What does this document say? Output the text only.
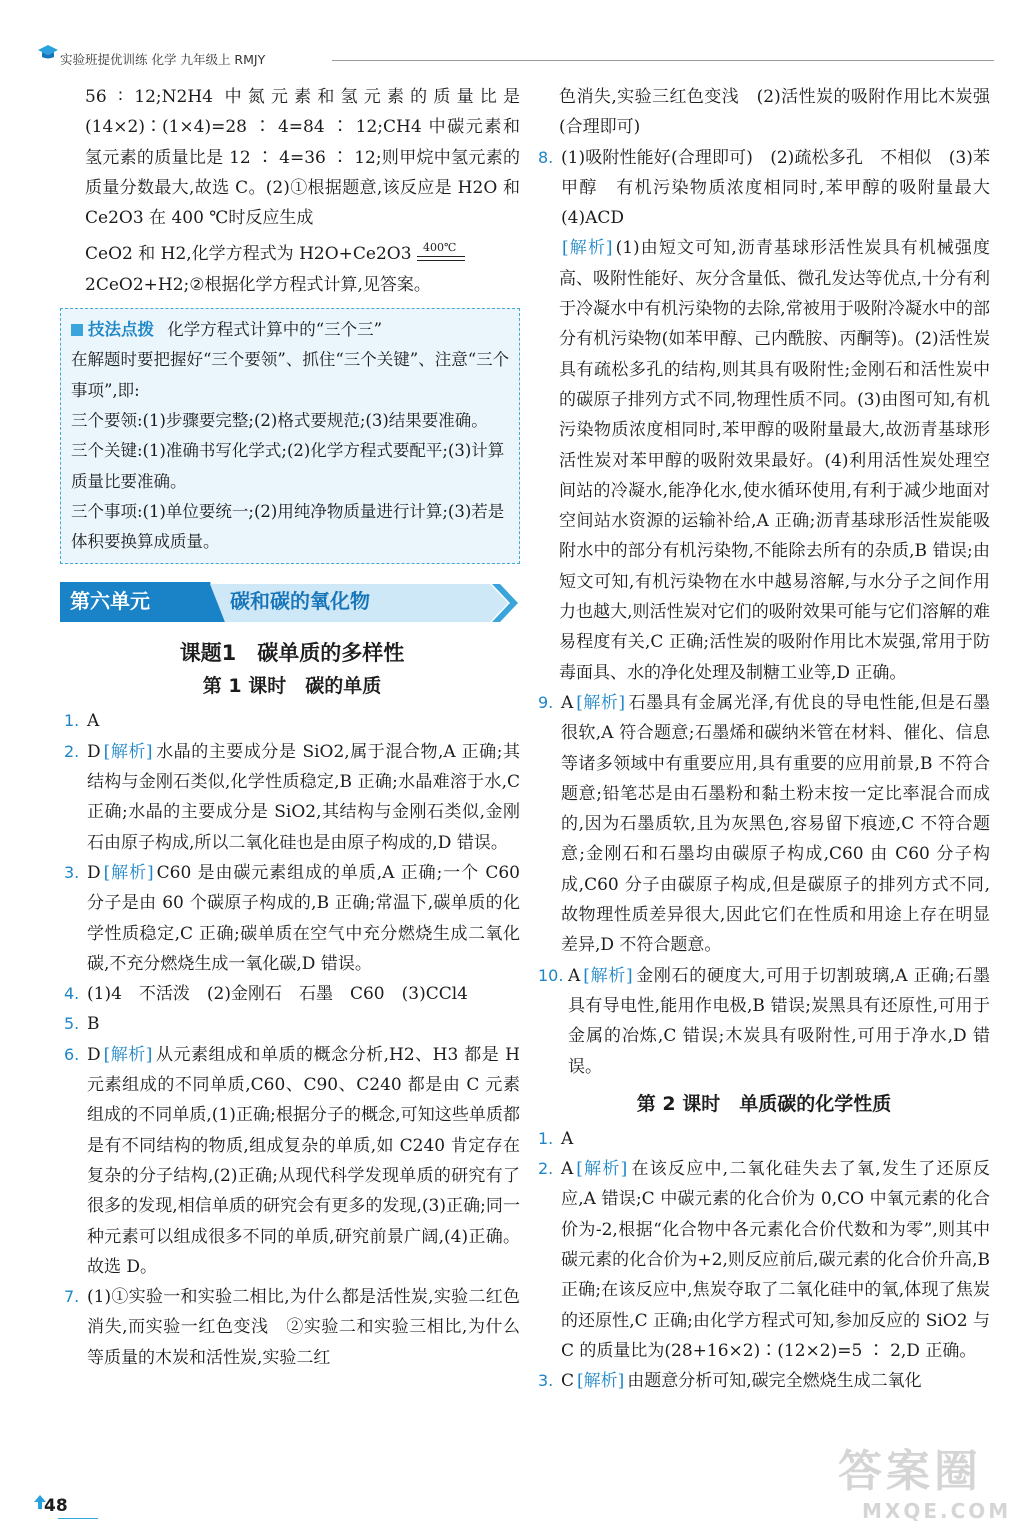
实验班提优训练 化学 九年级上 RMJY

56 ∶ 12;N2H4 中氮元素和氢元素的质量比是(14×2)∶(1×4)=28 ∶ 4=84 ∶ 12;CH4 中碳元素和氢元素的质量比是 12 ∶ 4=36 ∶ 12;则甲烷中氢元素的质量分数最大,故选 C。(2)①根据题意,该反应是 H2O 和 Ce2O3 在 400 ℃时反应生成

CeO2 和 H2,化学方程式为 H2O+Ce2O3 400℃

2CeO2+H2;②根据化学方程式计算,见答案。

技法点拨 化学方程式计算中的“三个三”
在解题时要把握好“三个要领”、抓住“三个关键”、注意“三个事项”,即:
三个要领:(1)步骤要完整;(2)格式要规范;(3)结果要准确。
三个关键:(1)准确书写化学式;(2)化学方程式要配平;(3)计算质量比要准确。
三个事项:(1)单位要统一;(2)用纯净物质量进行计算;(3)若是体积要换算成质量。
第六单元	碳和碳的氧化物

课题1　碳单质的多样性

第 1 课时　碳的单质

1. A

2. D [解析] 水晶的主要成分是 SiO2,属于混合物,A 正确;其结构与金刚石类似,化学性质稳定,B 正确;水晶难溶于水,C 正确;水晶的主要成分是 SiO2,其结构与金刚石类似,金刚石由原子构成,所以二氧化硅也是由原子构成的,D 错误。

3. D [解析] C60 是由碳元素组成的单质,A 正确;一个 C60 分子是由 60 个碳原子构成的,B 正确;常温下,碳单质的化学性质稳定,C 正确;碳单质在空气中充分燃烧生成二氧化碳,不充分燃烧生成一氧化碳,D 错误。

4. (1)4　不活泼　(2)金刚石　石墨　C60　(3)CCl4

5. B

6. D [解析] 从元素组成和单质的概念分析,H2、H3 都是 H 元素组成的不同单质,C60、C90、C240 都是由 C 元素组成的不同单质,(1)正确;根据分子的概念,可知这些单质都是有不同结构的物质,组成复杂的单质,如 C240 肯定存在复杂的分子结构,(2)正确;从现代科学发现单质的研究有了很多的发现,相信单质的研究会有更多的发现,(3)正确;同一种元素可以组成很多不同的单质,研究前景广阔,(4)正确。故选 D。

7. (1)①实验一和实验二相比,为什么都是活性炭,实验二红色消失,而实验一红色变浅　②实验二和实验三相比,为什么等质量的木炭和活性炭,实验二红

色消失,实验三红色变浅　(2)活性炭的吸附作用比木炭强(合理即可)

8. (1)吸附性能好(合理即可)　(2)疏松多孔　不相似　(3)苯甲醇　有机污染物质浓度相同时,苯甲醇的吸附量最大　(4)ACD

[解析] (1)由短文可知,沥青基球形活性炭具有机械强度高、吸附性能好、灰分含量低、微孔发达等优点,十分有利于冷凝水中有机污染物的去除,常被用于吸附冷凝水中的部分有机污染物(如苯甲醇、己内酰胺、丙酮等)。(2)活性炭具有疏松多孔的结构,则其具有吸附性;金刚石和活性炭中的碳原子排列方式不同,物理性质不同。(3)由图可知,有机污染物质浓度相同时,苯甲醇的吸附量最大,故沥青基球形活性炭对苯甲醇的吸附效果最好。(4)利用活性炭处理空间站的冷凝水,能净化水,使水循环使用,有利于减少地面对空间站水资源的运输补给,A 正确;沥青基球形活性炭能吸附水中的部分有机污染物,不能除去所有的杂质,B 错误;由短文可知,有机污染物在水中越易溶解,与水分子之间作用力也越大,则活性炭对它们的吸附效果可能与它们溶解的难易程度有关,C 正确;活性炭的吸附作用比木炭强,常用于防毒面具、水的净化处理及制糖工业等,D 正确。

9. A [解析] 石墨具有金属光泽,有优良的导电性能,但是石墨很软,A 符合题意;石墨烯和碳纳米管在材料、催化、信息等诸多领域中有重要应用,具有重要的应用前景,B 不符合题意;铅笔芯是由石墨粉和黏土粉末按一定比率混合而成的,因为石墨质软,且为灰黑色,容易留下痕迹,C 不符合题意;金刚石和石墨均由碳原子构成,C60 由 C60 分子构成,C60 分子由碳原子构成,但是碳原子的排列方式不同,故物理性质差异很大,因此它们在性质和用途上存在明显差异,D 不符合题意。

10. A [解析] 金刚石的硬度大,可用于切割玻璃,A 正确;石墨具有导电性,能用作电极,B 错误;炭黑具有还原性,可用于金属的冶炼,C 错误;木炭具有吸附性,可用于净水,D 错误。

第 2 课时　单质碳的化学性质

1. A

2. A [解析] 在该反应中,二氧化硅失去了氧,发生了还原反应,A 错误;C 中碳元素的化合价为 0,CO 中氧元素的化合价为-2,根据“化合物中各元素化合价代数和为零”,则其中碳元素的化合价为+2,则反应前后,碳元素的化合价升高,B 正确;在该反应中,焦炭夺取了二氧化硅中的氧,体现了焦炭的还原性,C 正确;由化学方程式可知,参加反应的 SiO2 与 C 的质量比为(28+16×2)∶(12×2)=5 ∶ 2,D 正确。

3. C [解析] 由题意分析可知,碳完全燃烧生成二氧化

48
答案圈
MXQE.COM
